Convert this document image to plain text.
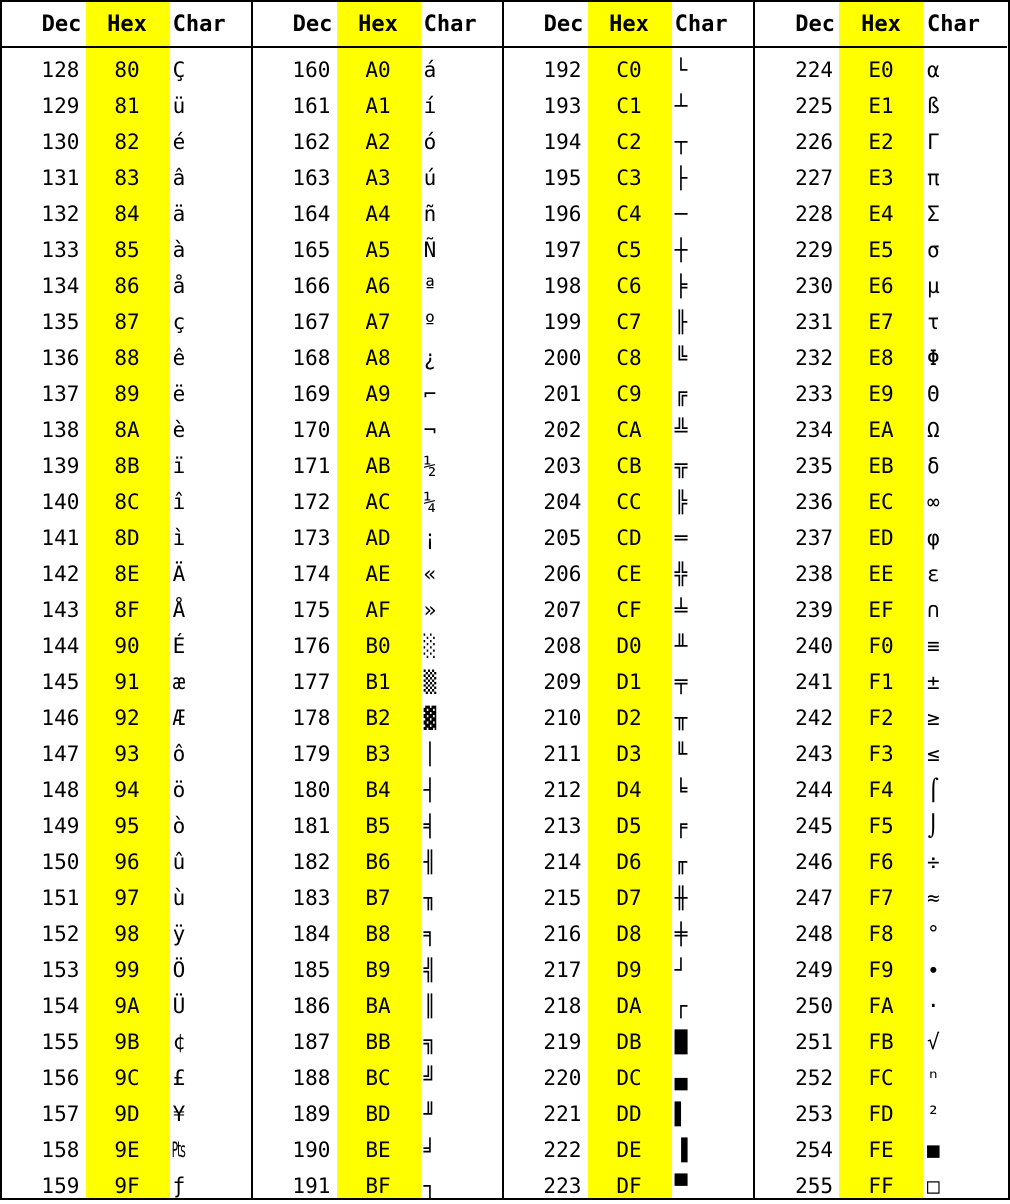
Dec	Hex	Char
128	80	Ç
129	81	ü
130	82	é
131	83	â
132	84	ä
133	85	à
134	86	å
135	87	ç
136	88	ê
137	89	ë
138	8A	è
139	8B	ï
140	8C	î
141	8D	ì
142	8E	Ä
143	8F	Å
144	90	É
145	91	æ
146	92	Æ
147	93	ô
148	94	ö
149	95	ò
150	96	û
151	97	ù
152	98	ÿ
153	99	Ö
154	9A	Ü
155	9B	¢
156	9C	£
157	9D	¥
158	9E	₧
159	9F	ƒ
Dec	Hex	Char
160	A0	á
161	A1	í
162	A2	ó
163	A3	ú
164	A4	ñ
165	A5	Ñ
166	A6	ª
167	A7	º
168	A8	¿
169	A9	⌐
170	AA	¬
171	AB	½
172	AC	¼
173	AD	¡
174	AE	«
175	AF	»
176	B0	░
177	B1	▒
178	B2	▓
179	B3	│
180	B4	┤
181	B5	╡
182	B6	╢
183	B7	╖
184	B8	╕
185	B9	╣
186	BA	║
187	BB	╗
188	BC	╝
189	BD	╜
190	BE	╛
191	BF	┐
Dec	Hex	Char
192	C0	└
193	C1	┴
194	C2	┬
195	C3	├
196	C4	─
197	C5	┼
198	C6	╞
199	C7	╟
200	C8	╚
201	C9	╔
202	CA	╩
203	CB	╦
204	CC	╠
205	CD	═
206	CE	╬
207	CF	╧
208	D0	╨
209	D1	╤
210	D2	╥
211	D3	╙
212	D4	╘
213	D5	╒
214	D6	╓
215	D7	╫
216	D8	╪
217	D9	┘
218	DA	┌
219	DB	█
220	DC	▄
221	DD	▌
222	DE	▐
223	DF	▀
Dec	Hex	Char
224	E0	α
225	E1	ß
226	E2	Γ
227	E3	π
228	E4	Σ
229	E5	σ
230	E6	µ
231	E7	τ
232	E8	Φ
233	E9	Θ
234	EA	Ω
235	EB	δ
236	EC	∞
237	ED	φ
238	EE	ε
239	EF	∩
240	F0	≡
241	F1	±
242	F2	≥
243	F3	≤
244	F4	⌠
245	F5	⌡
246	F6	÷
247	F7	≈
248	F8	°
249	F9	∙
250	FA	·
251	FB	√
252	FC	ⁿ
253	FD	²
254	FE	■
255	FF	□
